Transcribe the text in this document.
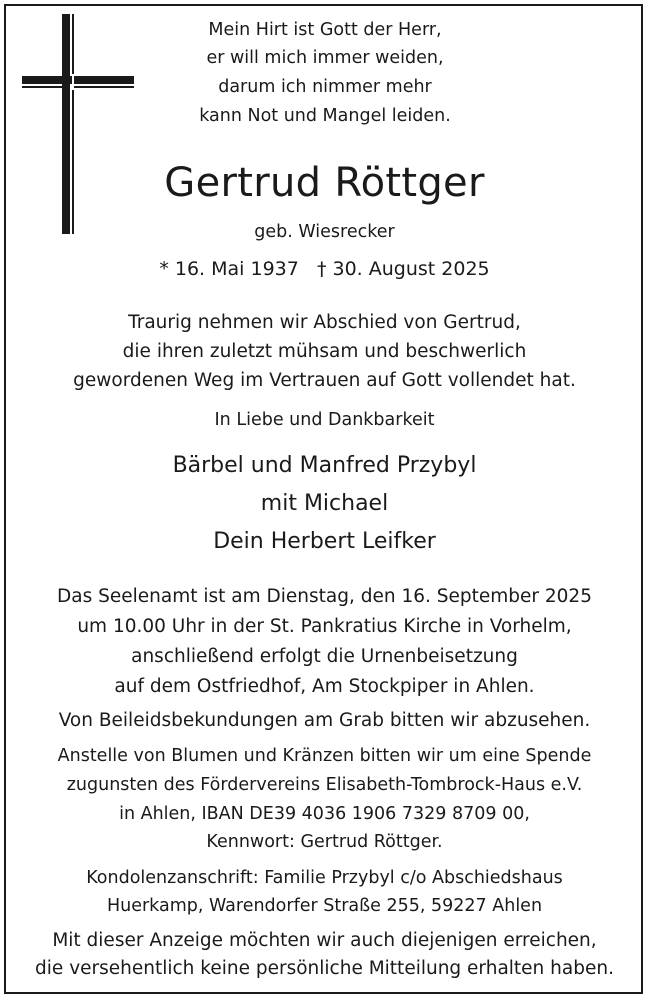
Mein Hirt ist Gott der Herr,
er will mich immer weiden,
darum ich nimmer mehr
kann Not und Mangel leiden.
Gertrud Röttger
geb. Wiesrecker
* 16. Mai 1937   † 30. August 2025
Traurig nehmen wir Abschied von Gertrud,
die ihren zuletzt mühsam und beschwerlich
gewordenen Weg im Vertrauen auf Gott vollendet hat.
In Liebe und Dankbarkeit
Bärbel und Manfred Przybyl
mit Michael
Dein Herbert Leifker
Das Seelenamt ist am Dienstag, den 16. September 2025
um 10.00 Uhr in der St. Pankratius Kirche in Vorhelm,
anschließend erfolgt die Urnenbeisetzung
auf dem Ostfriedhof, Am Stockpiper in Ahlen.
Von Beileidsbekundungen am Grab bitten wir abzusehen.
Anstelle von Blumen und Kränzen bitten wir um eine Spende
zugunsten des Fördervereins Elisabeth-Tombrock-Haus e.V.
in Ahlen, IBAN DE39 4036 1906 7329 8709 00,
Kennwort: Gertrud Röttger.
Kondolenzanschrift: Familie Przybyl c/o Abschiedshaus
Huerkamp, Warendorfer Straße 255, 59227 Ahlen
Mit dieser Anzeige möchten wir auch diejenigen erreichen,
die versehentlich keine persönliche Mitteilung erhalten haben.
